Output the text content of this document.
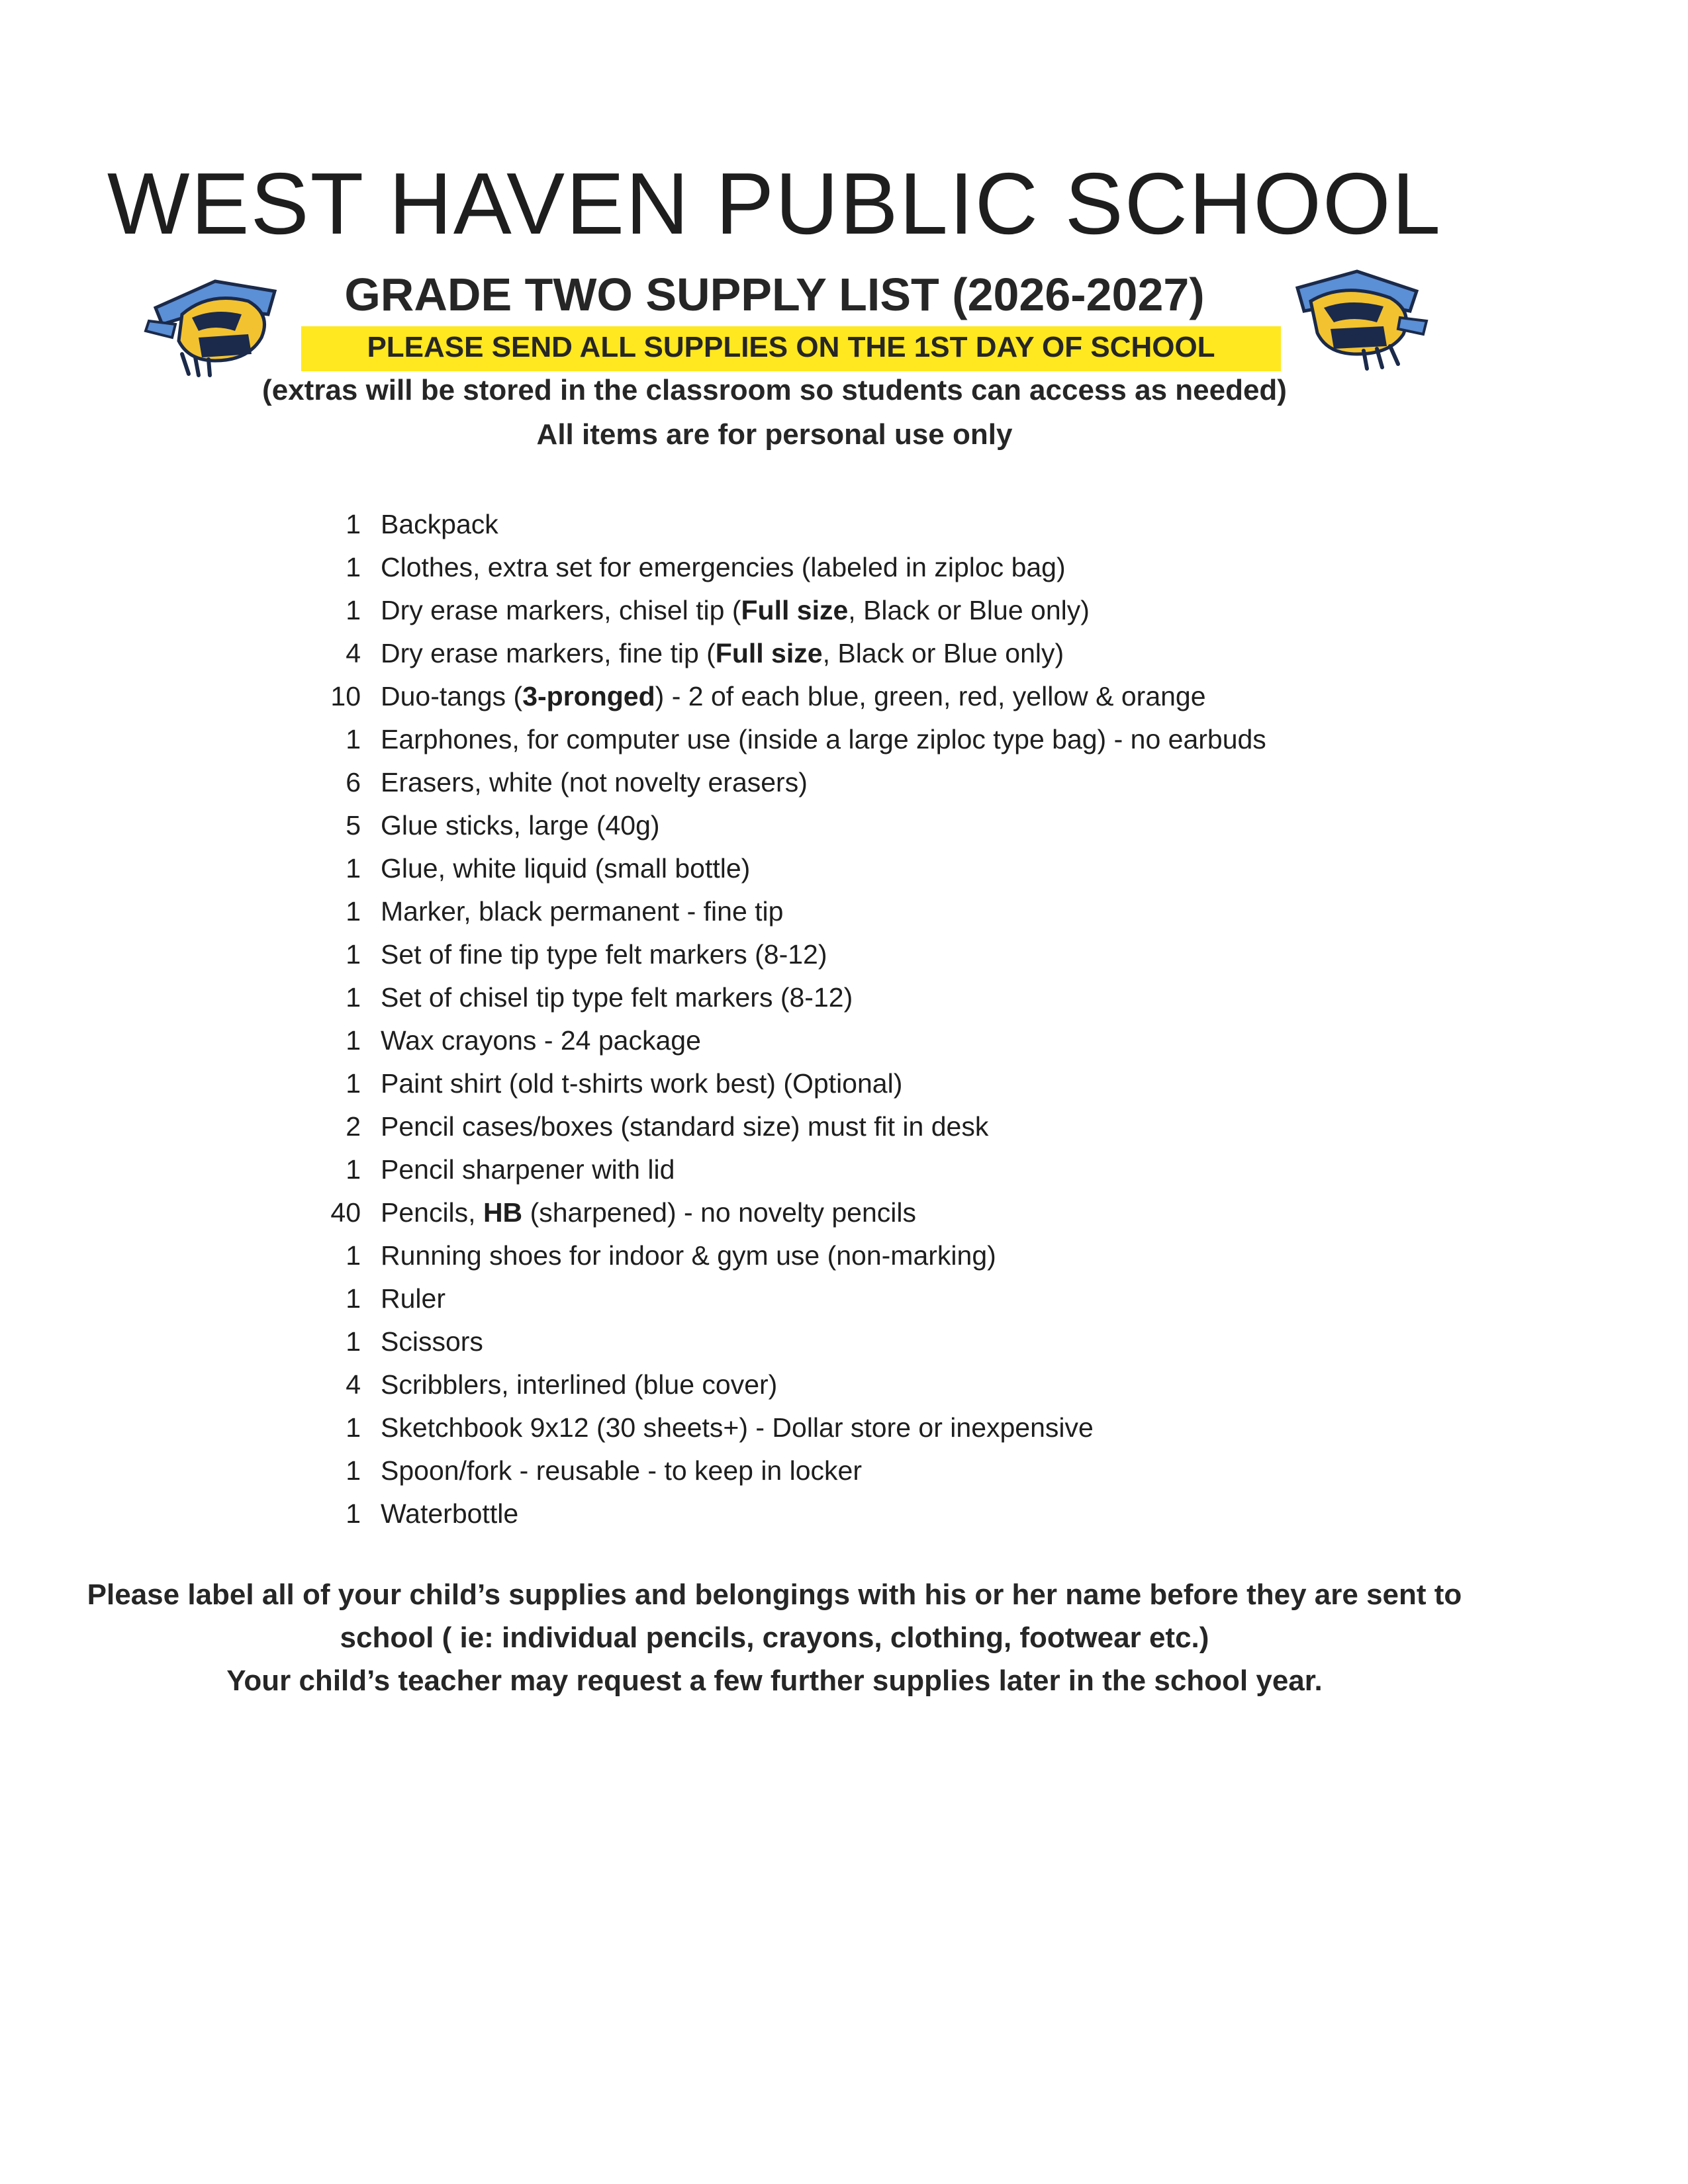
WEST HAVEN PUBLIC SCHOOL
GRADE TWO SUPPLY LIST (2026-2027)
PLEASE SEND ALL SUPPLIES ON THE 1ST DAY OF SCHOOL
(extras will be stored in the classroom so students can access as needed)
All items are for personal use only
1 Backpack
1 Clothes, extra set for emergencies (labeled in ziploc bag)
1 Dry erase markers, chisel tip (Full size, Black or Blue only)
4 Dry erase markers, fine tip (Full size, Black or Blue only)
10 Duo-tangs (3-pronged) - 2 of each blue, green, red, yellow & orange
1 Earphones, for computer use (inside a large ziploc type bag) - no earbuds
6 Erasers, white (not novelty erasers)
5 Glue sticks, large (40g)
1 Glue, white liquid (small bottle)
1 Marker, black permanent - fine tip
1 Set of fine tip type felt markers (8-12)
1 Set of chisel tip type felt markers (8-12)
1 Wax crayons - 24 package
1 Paint shirt (old t-shirts work best) (Optional)
2 Pencil cases/boxes (standard size) must fit in desk
1 Pencil sharpener with lid
40 Pencils, HB (sharpened) - no novelty pencils
1 Running shoes for indoor & gym use (non-marking)
1 Ruler
1 Scissors
4 Scribblers, interlined (blue cover)
1 Sketchbook 9x12 (30 sheets+) - Dollar store or inexpensive
1 Spoon/fork - reusable - to keep in locker
1 Waterbottle
Please label all of your child’s supplies and belongings with his or her name before they are sent to
school ( ie: individual pencils, crayons, clothing, footwear etc.)
Your child’s teacher may request a few further supplies later in the school year.
